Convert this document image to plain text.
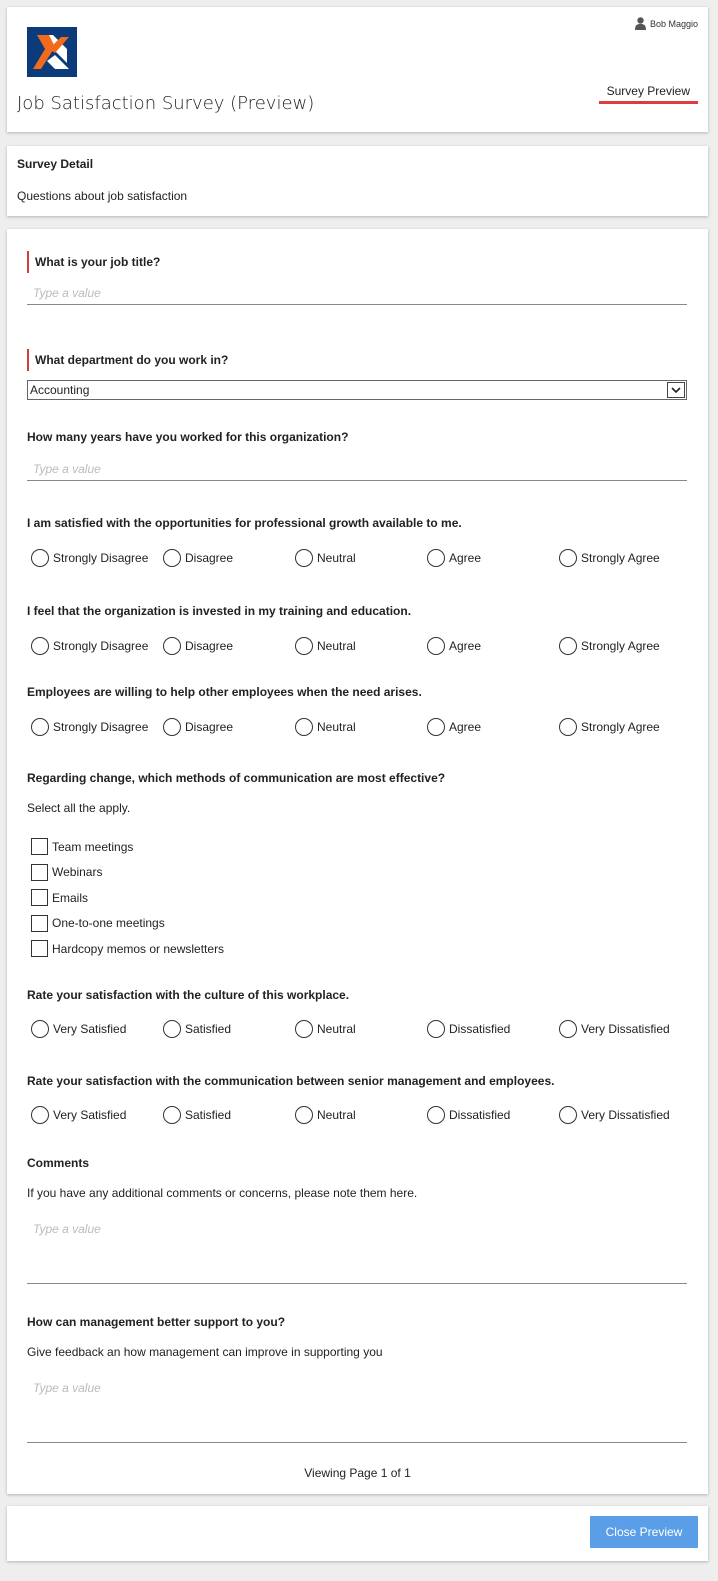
Bob Maggio
Job Satisfaction Survey (Preview)
Survey Preview
Survey Detail
Questions about job satisfaction
What is your job title?
Type a value
What department do you work in?
Accounting
How many years have you worked for this organization?
Type a value
I am satisfied with the opportunities for professional growth available to me.
Strongly Disagree	Disagree	Neutral	Agree	Strongly Agree
I feel that the organization is invested in my training and education.
Strongly Disagree	Disagree	Neutral	Agree	Strongly Agree
Employees are willing to help other employees when the need arises.
Strongly Disagree	Disagree	Neutral	Agree	Strongly Agree
Regarding change, which methods of communication are most effective?
Select all the apply.
Team meetings
Webinars
Emails
One-to-one meetings
Hardcopy memos or newsletters
Rate your satisfaction with the culture of this workplace.
Very Satisfied	Satisfied	Neutral	Dissatisfied	Very Dissatisfied
Rate your satisfaction with the communication between senior management and employees.
Very Satisfied	Satisfied	Neutral	Dissatisfied	Very Dissatisfied
Comments
If you have any additional comments or concerns, please note them here.
Type a value
How can management better support to you?
Give feedback an how management can improve in supporting you
Type a value
Viewing Page 1 of 1
Close Preview
